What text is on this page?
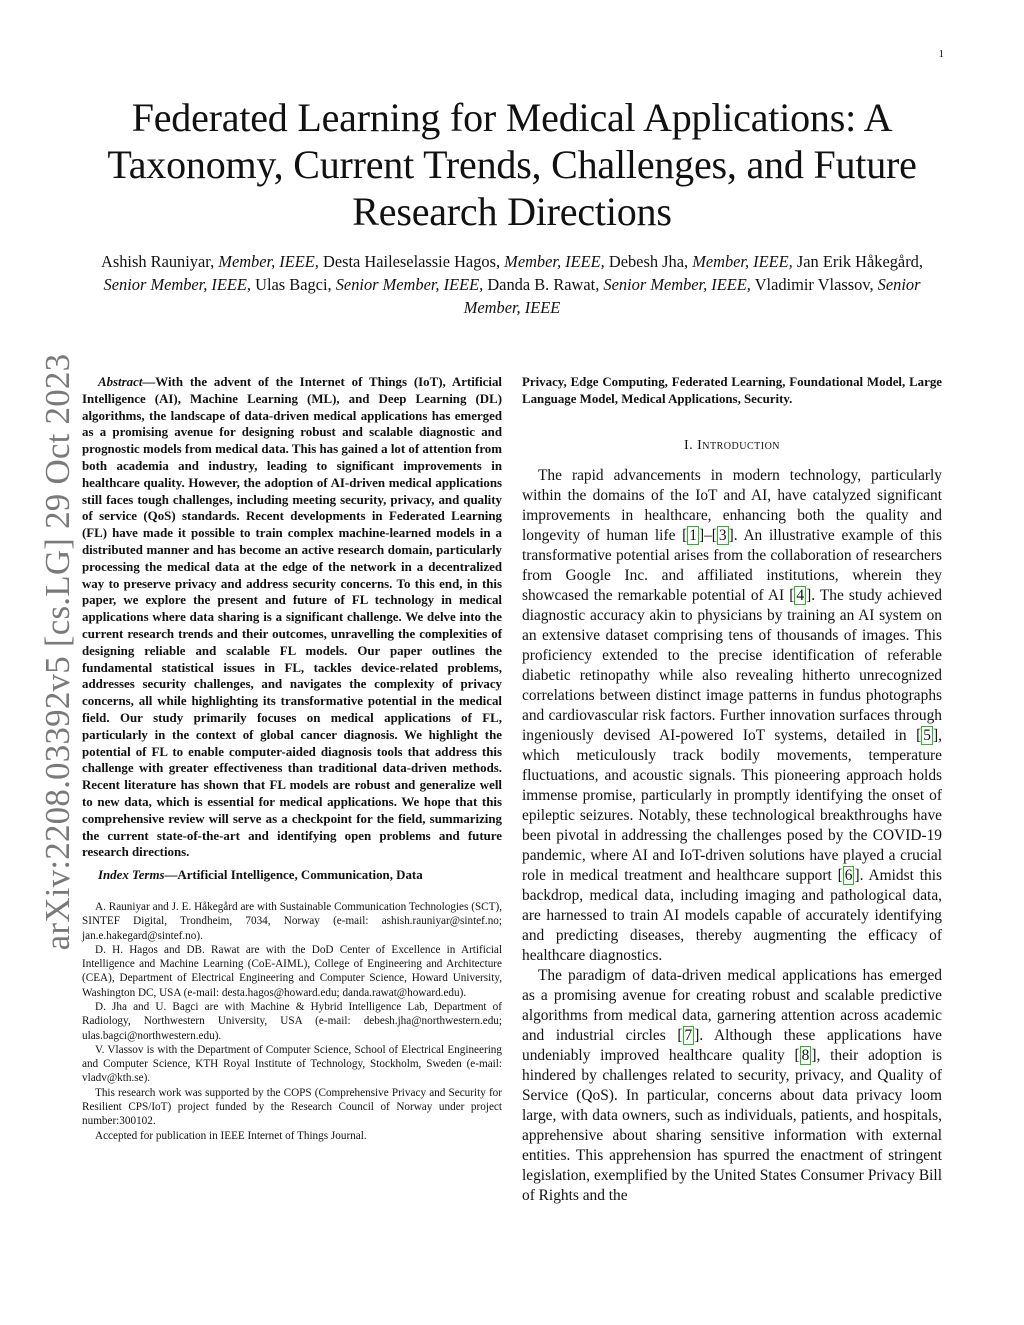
1
arXiv:2208.03392v5 [cs.LG] 29 Oct 2023
Federated Learning for Medical Applications: A Taxonomy, Current Trends, Challenges, and Future Research Directions
Ashish Rauniyar, Member, IEEE, Desta Haileselassie Hagos, Member, IEEE, Debesh Jha, Member, IEEE, Jan Erik Håkegård, Senior Member, IEEE, Ulas Bagci, Senior Member, IEEE, Danda B. Rawat, Senior Member, IEEE, Vladimir Vlassov, Senior Member, IEEE

Abstract—With the advent of the Internet of Things (IoT), Artificial Intelligence (AI), Machine Learning (ML), and Deep Learning (DL) algorithms, the landscape of data-driven medical applications has emerged as a promising avenue for designing robust and scalable diagnostic and prognostic models from medical data. This has gained a lot of attention from both academia and industry, leading to significant improvements in healthcare quality. However, the adoption of AI-driven medical applications still faces tough challenges, including meeting security, privacy, and quality of service (QoS) standards. Recent developments in Federated Learning (FL) have made it possible to train complex machine-learned models in a distributed manner and has become an active research domain, particularly processing the medical data at the edge of the network in a decentralized way to preserve privacy and address security concerns. To this end, in this paper, we explore the present and future of FL technology in medical applications where data sharing is a significant challenge. We delve into the current research trends and their outcomes, unravelling the complexities of designing reliable and scalable FL models. Our paper outlines the fundamental statistical issues in FL, tackles device-related problems, addresses security challenges, and navigates the complexity of privacy concerns, all while highlighting its transformative potential in the medical field. Our study primarily focuses on medical applications of FL, particularly in the context of global cancer diagnosis. We highlight the potential of FL to enable computer-aided diagnosis tools that address this challenge with greater effectiveness than traditional data-driven methods. Recent literature has shown that FL models are robust and generalize well to new data, which is essential for medical applications. We hope that this comprehensive review will serve as a checkpoint for the field, summarizing the current state-of-the-art and identifying open problems and future research directions.

Index Terms—Artificial Intelligence, Communication, Data

A. Rauniyar and J. E. Håkegård are with Sustainable Communication Technologies (SCT), SINTEF Digital, Trondheim, 7034, Norway (e-mail: ashish.rauniyar@sintef.no; jan.e.hakegard@sintef.no).

D. H. Hagos and DB. Rawat are with the DoD Center of Excellence in Artificial Intelligence and Machine Learning (CoE-AIML), College of Engineering and Architecture (CEA), Department of Electrical Engineering and Computer Science, Howard University, Washington DC, USA (e-mail: desta.hagos@howard.edu; danda.rawat@howard.edu).

D. Jha and U. Bagci are with Machine & Hybrid Intelligence Lab, Department of Radiology, Northwestern University, USA (e-mail: debesh.jha@northwestern.edu; ulas.bagci@northwestern.edu).

V. Vlassov is with the Department of Computer Science, School of Electrical Engineering and Computer Science, KTH Royal Institute of Technology, Stockholm, Sweden (e-mail: vladv@kth.se).

This research work was supported by the COPS (Comprehensive Privacy and Security for Resilient CPS/IoT) project funded by the Research Council of Norway under project number:300102.

Accepted for publication in IEEE Internet of Things Journal.

Privacy, Edge Computing, Federated Learning, Foundational Model, Large Language Model, Medical Applications, Security.

I. Introduction

The rapid advancements in modern technology, particularly within the domains of the IoT and AI, have catalyzed significant improvements in healthcare, enhancing both the quality and longevity of human life [ 1 ]–[ 3 ]. An illustrative example of this transformative potential arises from the collaboration of researchers from Google Inc. and affiliated institutions, wherein they showcased the remarkable potential of AI [ 4 ]. The study achieved diagnostic accuracy akin to physicians by training an AI system on an extensive dataset comprising tens of thousands of images. This proficiency extended to the precise identification of referable diabetic retinopathy while also revealing hitherto unrecognized correlations between distinct image patterns in fundus photographs and cardiovascular risk factors. Further innovation surfaces through ingeniously devised AI-powered IoT systems, detailed in [ 5 ], which meticulously track bodily movements, temperature fluctuations, and acoustic signals. This pioneering approach holds immense promise, particularly in promptly identifying the onset of epileptic seizures. Notably, these technological breakthroughs have been pivotal in addressing the challenges posed by the COVID-19 pandemic, where AI and IoT-driven solutions have played a crucial role in medical treatment and healthcare support [ 6 ]. Amidst this backdrop, medical data, including imaging and pathological data, are harnessed to train AI models capable of accurately identifying and predicting diseases, thereby augmenting the efficacy of healthcare diagnostics.

The paradigm of data-driven medical applications has emerged as a promising avenue for creating robust and scalable predictive algorithms from medical data, garnering attention across academic and industrial circles [ 7 ]. Although these applications have undeniably improved healthcare quality [ 8 ], their adoption is hindered by challenges related to security, privacy, and Quality of Service (QoS). In particular, concerns about data privacy loom large, with data owners, such as individuals, patients, and hospitals, apprehensive about sharing sensitive information with external entities. This apprehension has spurred the enactment of stringent legislation, exemplified by the United States Consumer Privacy Bill of Rights and the
